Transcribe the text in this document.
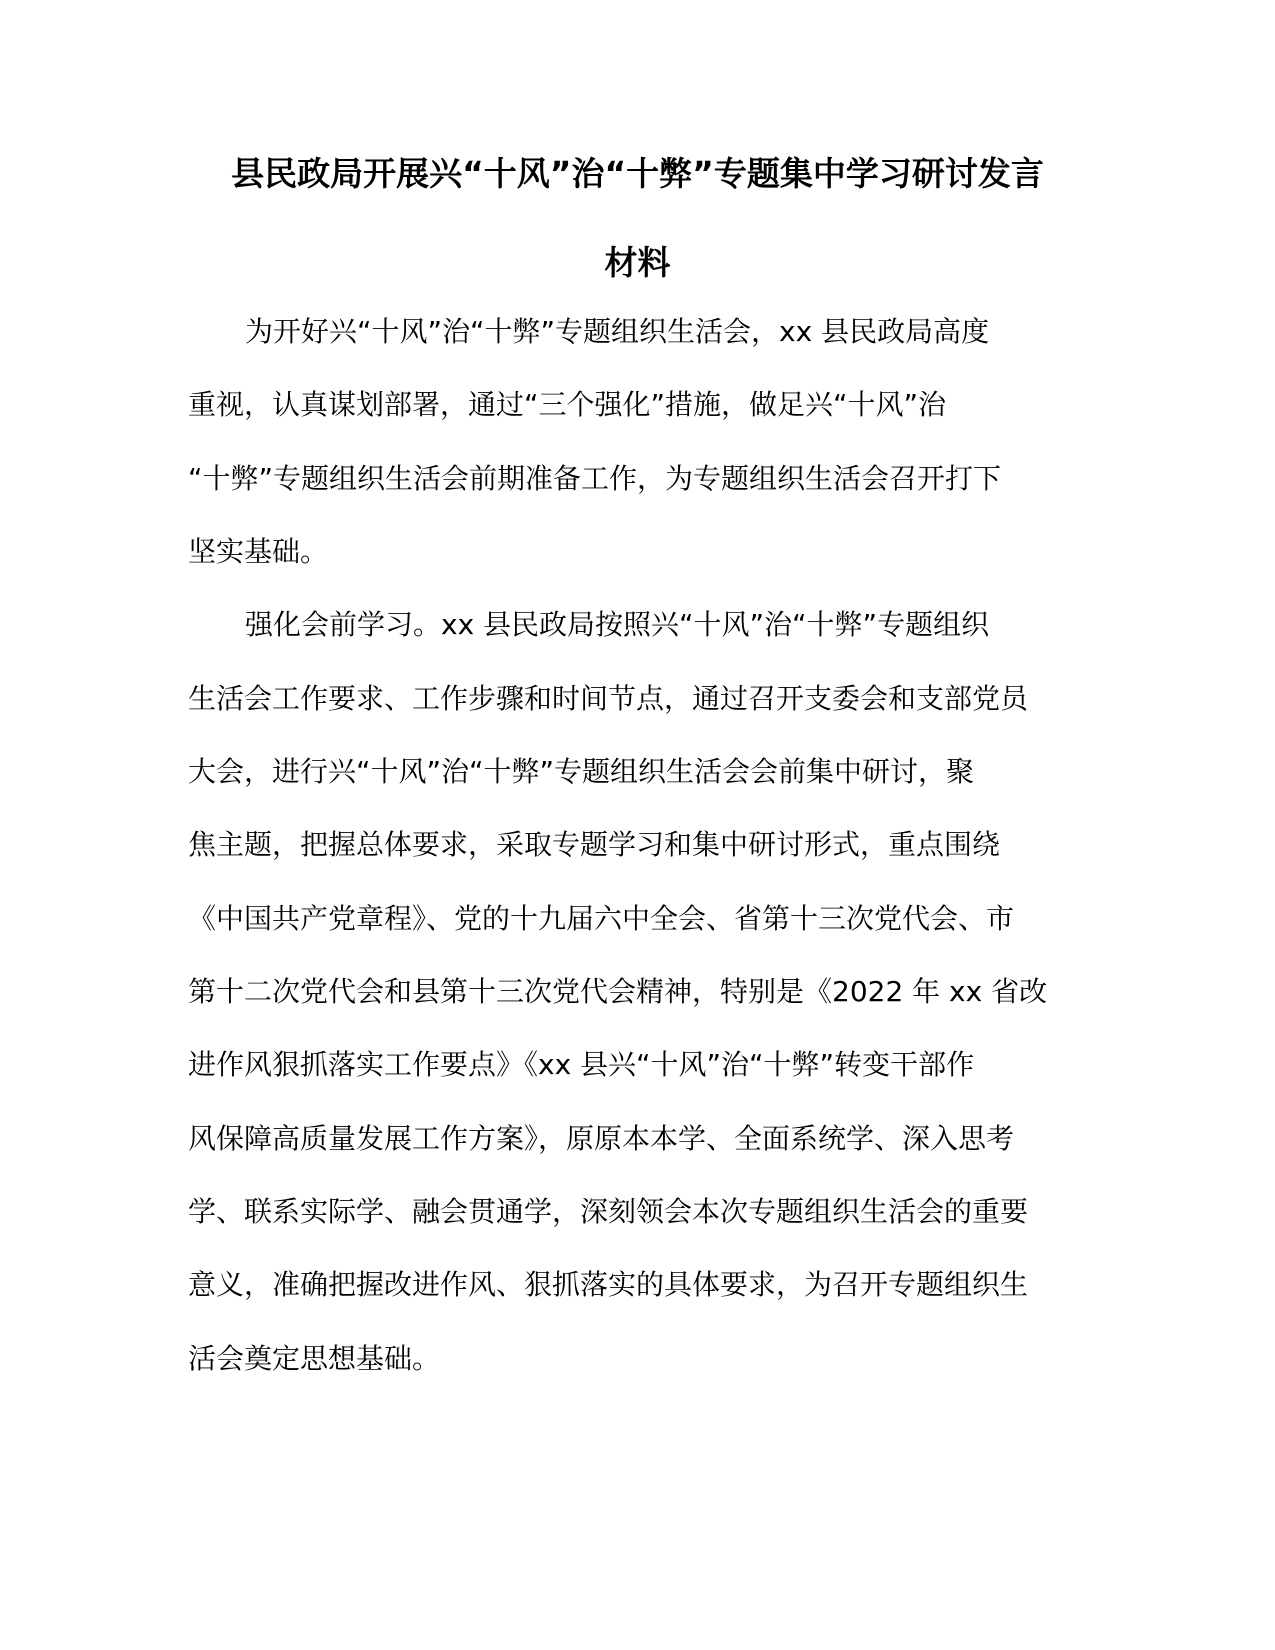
县民政局开展兴“十风”治“十弊”专题集中学习研讨发言
材料

为开好兴“十风”治“十弊”专题组织生活会，xx 县民政局高度

重视，认真谋划部署，通过“三个强化”措施，做足兴“十风”治

“十弊”专题组织生活会前期准备工作，为专题组织生活会召开打下

坚实基础。

强化会前学习。xx 县民政局按照兴“十风”治“十弊”专题组织

生活会工作要求、工作步骤和时间节点，通过召开支委会和支部党员

大会，进行兴“十风”治“十弊”专题组织生活会会前集中研讨，聚

焦主题，把握总体要求，采取专题学习和集中研讨形式，重点围绕

《中国共产党章程》、党的十九届六中全会、省第十三次党代会、市

第十二次党代会和县第十三次党代会精神，特别是《2022 年 xx 省改

进作风狠抓落实工作要点》《xx 县兴“十风”治“十弊”转变干部作

风保障高质量发展工作方案》，原原本本学、全面系统学、深入思考

学、联系实际学、融会贯通学，深刻领会本次专题组织生活会的重要

意义，准确把握改进作风、狠抓落实的具体要求，为召开专题组织生

活会奠定思想基础。
